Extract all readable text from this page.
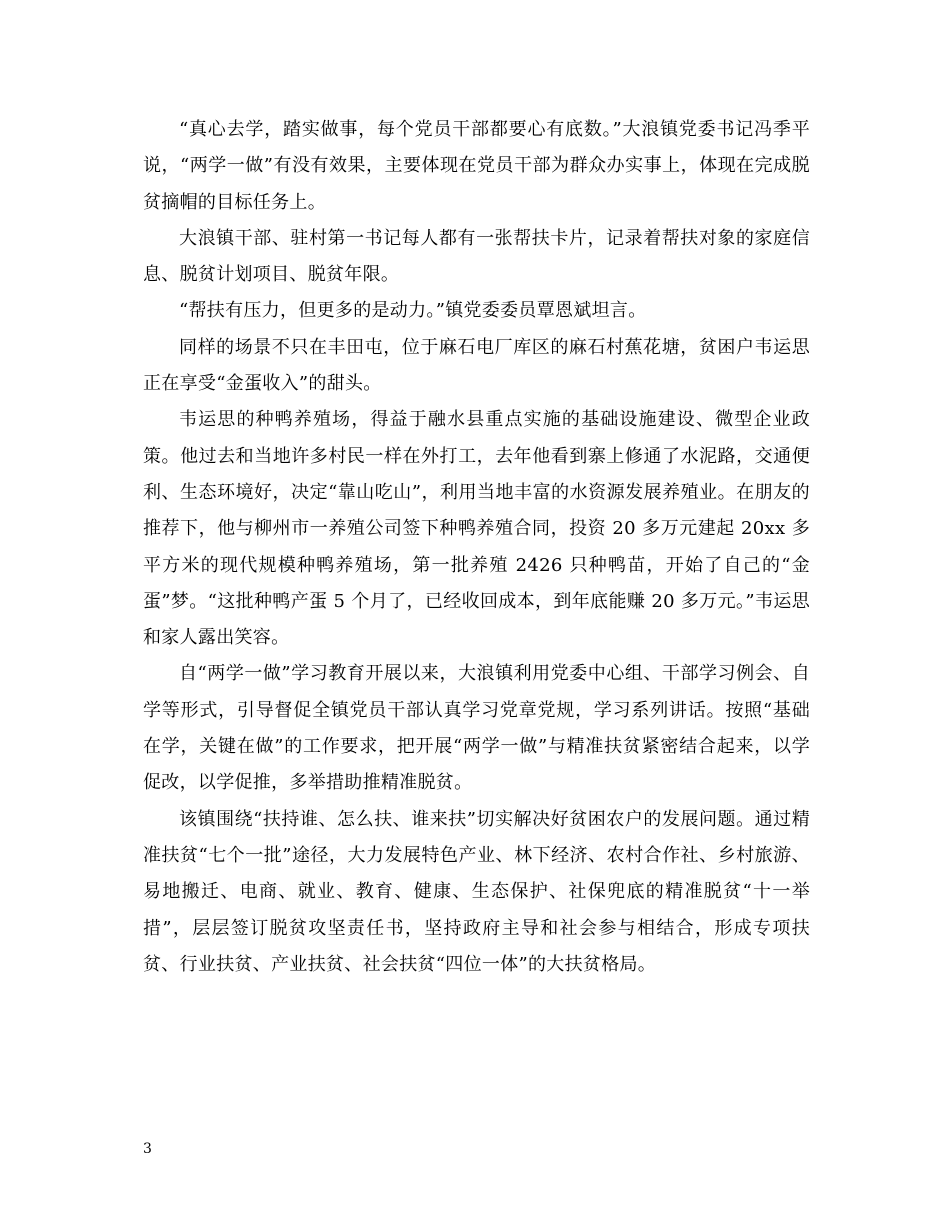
“真心去学，踏实做事，每个党员干部都要心有底数。”大浪镇党委书记冯季平说，“两学一做”有没有效果，主要体现在党员干部为群众办实事上，体现在完成脱贫摘帽的目标任务上。

大浪镇干部、驻村第一书记每人都有一张帮扶卡片，记录着帮扶对象的家庭信息、脱贫计划项目、脱贫年限。

“帮扶有压力，但更多的是动力。”镇党委委员覃恩斌坦言。

同样的场景不只在丰田屯，位于麻石电厂库区的麻石村蕉花塘，贫困户韦运思正在享受“金蛋收入”的甜头。

韦运思的种鸭养殖场，得益于融水县重点实施的基础设施建设、微型企业政策。他过去和当地许多村民一样在外打工，去年他看到寨上修通了水泥路，交通便利、生态环境好，决定“靠山吃山”，利用当地丰富的水资源发展养殖业。在朋友的推荐下，他与柳州市一养殖公司签下种鸭养殖合同，投资 20 多万元建起 20xx 多平方米的现代规模种鸭养殖场，第一批养殖 2426 只种鸭苗，开始了自己的“金蛋”梦。“这批种鸭产蛋 5 个月了，已经收回成本，到年底能赚 20 多万元。”韦运思和家人露出笑容。

自“两学一做”学习教育开展以来，大浪镇利用党委中心组、干部学习例会、自学等形式，引导督促全镇党员干部认真学习党章党规，学习系列讲话。按照“基础在学，关键在做”的工作要求，把开展“两学一做”与精准扶贫紧密结合起来，以学促改，以学促推，多举措助推精准脱贫。

该镇围绕“扶持谁、怎么扶、谁来扶”切实解决好贫困农户的发展问题。通过精准扶贫“七个一批”途径，大力发展特色产业、林下经济、农村合作社、乡村旅游、易地搬迁、电商、就业、教育、健康、生态保护、社保兜底的精准脱贫“十一举措”，层层签订脱贫攻坚责任书，坚持政府主导和社会参与相结合，形成专项扶贫、行业扶贫、产业扶贫、社会扶贫“四位一体”的大扶贫格局。

3
